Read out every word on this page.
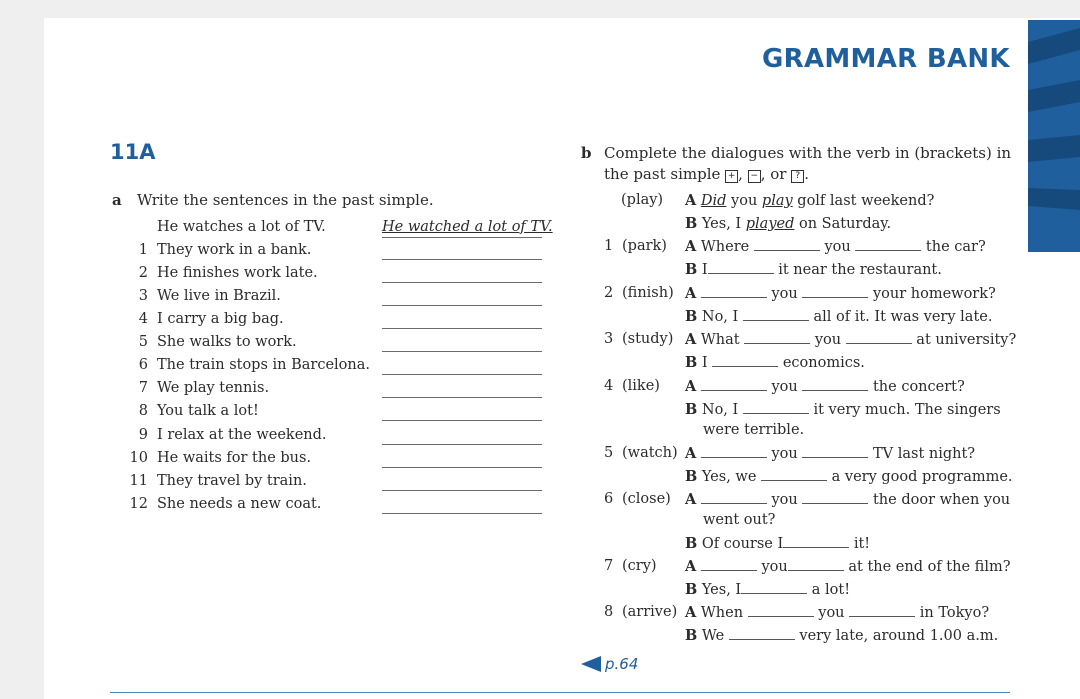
GRAMMAR BANK
11A
a Write the sentences in the past simple.
He watches a lot of TV.	He watched a lot of TV.
1 They work in a bank.
2 He finishes work late.
3 We live in Brazil.
4 I carry a big bag.
5 She walks to work.
6 The train stops in Barcelona.
7 We play tennis.
8 You talk a lot!
9 I relax at the weekend.
10 He waits for the bus.
11 They travel by train.
12 She needs a new coat.
b Complete the dialogues with the verb in (brackets) in
the past simple + , − , or ? .
(play) A Did you play golf last weekend?
B Yes, I played on Saturday.
1 (park) A Where	you	the car?
B I	it near the restaurant.
2 (finish) A	you	your homework?
B No, I	all of it. It was very late.
3 (study) A What	you	at university?
B I	economics.
4 (like) A	you	the concert?
B No, I	it very much. The singers
were terrible.
5 (watch) A	you	TV last night?
B Yes, we	a very good programme.
6 (close) A	you	the door when you
went out?
B Of course I	it!
7 (cry) A	you	at the end of the film?
B Yes, I	a lot!
8 (arrive) A When	you	in Tokyo?
B We	very late, around 1.00 a.m.
p.64
